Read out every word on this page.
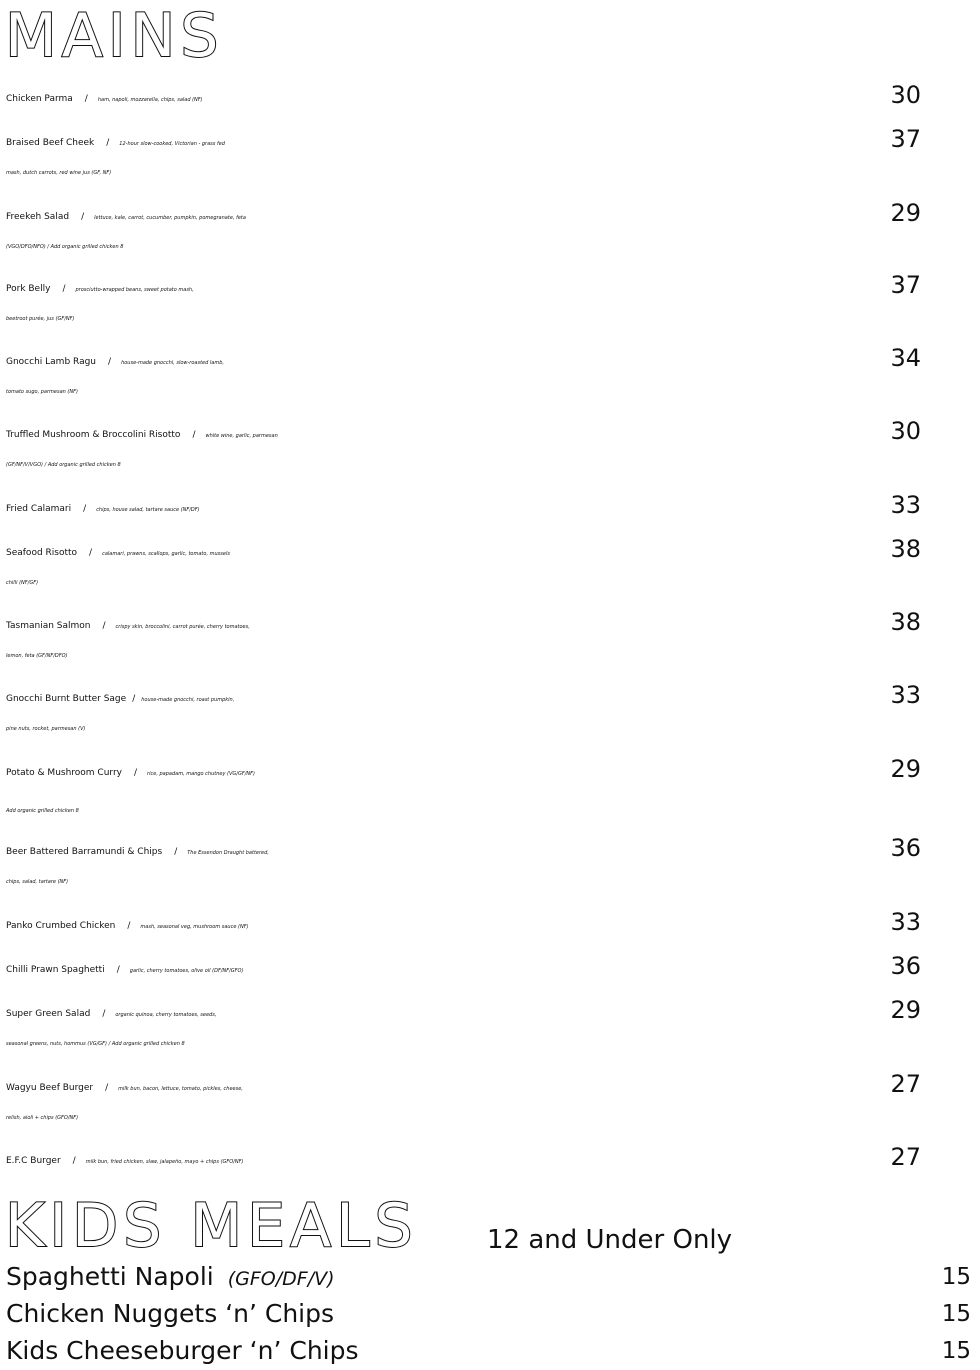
MAINS
Chicken Parma / ham, napoli, mozzarella, chips, salad (NF)	30
Braised Beef Cheek / 12-hour slow-cooked, Victorian - grass fed
mash, dutch carrots, red wine jus (GF, NF)
37
Freekeh Salad / lettuce, kale, carrot, cucumber, pumpkin, pomegranate, feta
(VGO/DFO/NFO) / Add organic grilled chicken 8
29
Pork Belly / prosciutto-wrapped beans, sweet potato mash,
beetroot purée, jus (GF/NF)
37
Gnocchi Lamb Ragu / house-made gnocchi, slow-roasted lamb,
tomato sugo, parmesan (NF)
34
Truffled Mushroom & Broccolini Risotto / white wine, garlic, parmesan
(GF/NF/V/VGO) / Add organic grilled chicken 8
30
Fried Calamari / chips, house salad, tartare sauce (NF/DF)	33
Seafood Risotto / calamari, prawns, scallops, garlic, tomato, mussels
chilli (NF/GF)
38
Tasmanian Salmon / crispy skin, broccolini, carrot purée, cherry tomatoes,
lemon, feta (GF/NF/DFO)
38
Gnocchi Burnt Butter Sage / house-made gnocchi, roast pumpkin,
pine nuts, rocket, parmesan (V)
33
Potato & Mushroom Curry / rice, papadam, mango chutney (VG/GF/NF)
Add organic grilled chicken 8
29
Beer Battered Barramundi & Chips / The Essendon Draught battered,
chips, salad, tartare (NF)
36
Panko Crumbed Chicken / mash, seasonal veg, mushroom sauce (NF)	33
Chilli Prawn Spaghetti / garlic, cherry tomatoes, olive oil (DF/NF/GFO)	36
Super Green Salad / organic quinoa, cherry tomatoes, seeds,
seasonal greens, nuts, hommus (VG/GF) / Add organic grilled chicken 8
29
Wagyu Beef Burger / milk bun, bacon, lettuce, tomato, pickles, cheese,
relish, aioli + chips (GFO/NF)
27
E.F.C Burger / milk bun, fried chicken, slaw, jalapeño, mayo + chips (GFO/NF)	27
KIDS MEALS	12 and Under Only
Spaghetti Napoli (GFO/DF/V)	15
Chicken Nuggets ‘n’ Chips	15
Kids Cheeseburger ‘n’ Chips	15
